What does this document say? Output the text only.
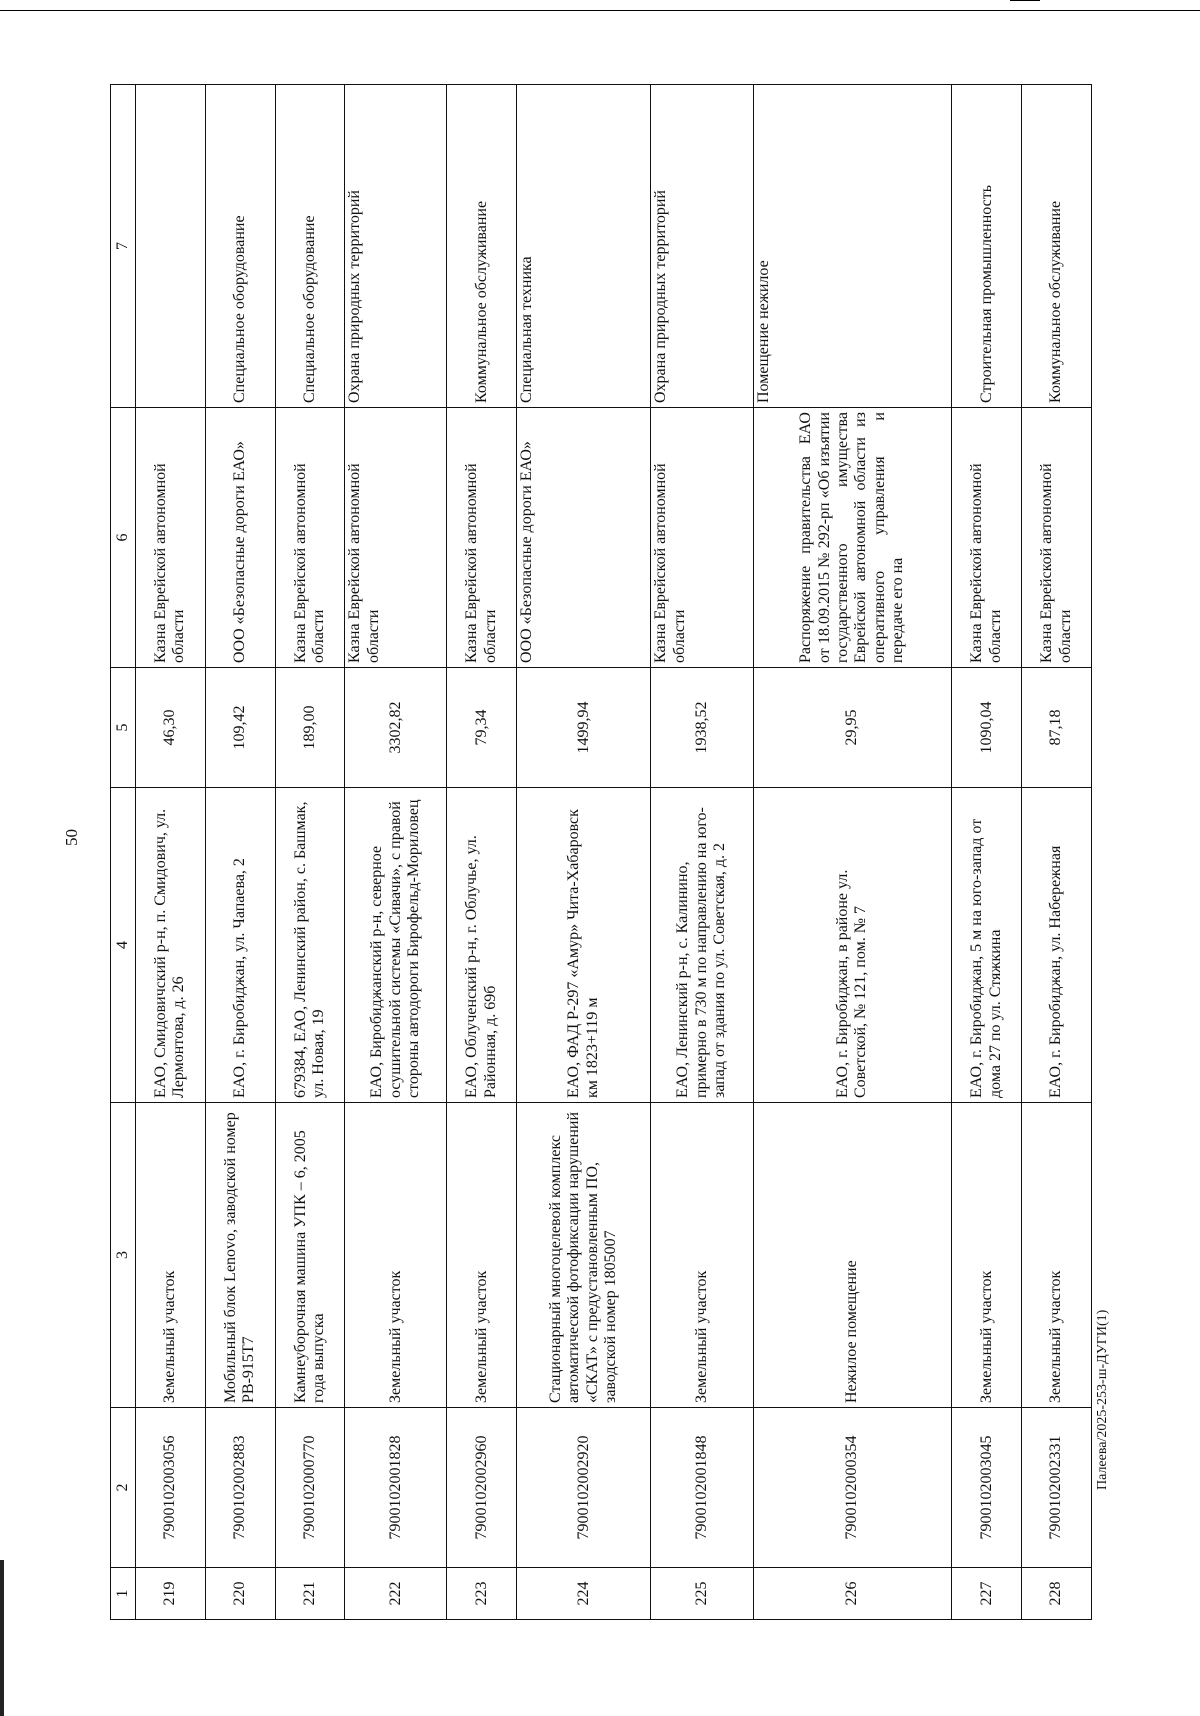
50
1	2	3	4	5	6	7
219	7900102003056	Земельный участок	ЕАО, Смидовичский р-н, п. Смидович, ул. Лермонтова, д. 26	46,30	Казна Еврейской автономной области	
220	7900102002883	Мобильный блок Lenovo, заводской номер PB-915T7	ЕАО, г. Биробиджан, ул. Чапаева, 2	109,42	ООО «Безопасные дороги ЕАО»	Специальное оборудование
221	7900102000770	Камнеуборочная машина УПК – 6, 2005 года выпуска	679384, ЕАО, Ленинский район, с. Башмак, ул. Новая, 19	189,00	Казна Еврейской автономной области	Специальное оборудование
222	7900102001828	Земельный участок	ЕАО, Биробиджанский р-н, северное осушительной системы «Сивачи», с правой стороны автодороги Бирофельд-Мориловец	3302,82	Казна Еврейской автономной области	Охрана природных территорий
223	7900102002960	Земельный участок	ЕАО, Облученский р-н, г. Облучье, ул. Районная, д. 69б	79,34	Казна Еврейской автономной области	Коммунальное обслуживание
224	7900102002920	Стационарный многоцелевой комплекс автоматической фотофиксации нарушений «СКАТ» с предустановленным ПО, заводской номер 1805007	ЕАО, ФАД Р-297 «Амур» Чита-Хабаровск км 1823+119 м	1499,94	ООО «Безопасные дороги ЕАО»	Специальная техника
225	7900102001848	Земельный участок	ЕАО, Ленинский р-н, с. Калинино, примерно в 730 м по направлению на юго-запад от здания по ул. Советская, д. 2	1938,52	Казна Еврейской автономной области	Охрана природных территорий
226	7900102000354	Нежилое помещение	ЕАО, г. Биробиджан, в районе ул. Советской, № 121, пом. № 7	29,95	Распоряжение правительства ЕАО от 18.09.2015 № 292-рп «Об изъятии государственного имущества Еврейской автономной области из оперативного управления и передаче его на	Помещение нежилое
227	7900102003045	Земельный участок	ЕАО, г. Биробиджан, 5 м на юго-запад от дома 27 по ул. Стяжкина	1090,04	Казна Еврейской автономной области	Строительная промышленность
228	7900102002331	Земельный участок	ЕАО, г. Биробиджан, ул. Набережная	87,18	Казна Еврейской автономной области	Коммунальное обслуживание
Палеева/2025-253-ш-ДУГИ(1)
